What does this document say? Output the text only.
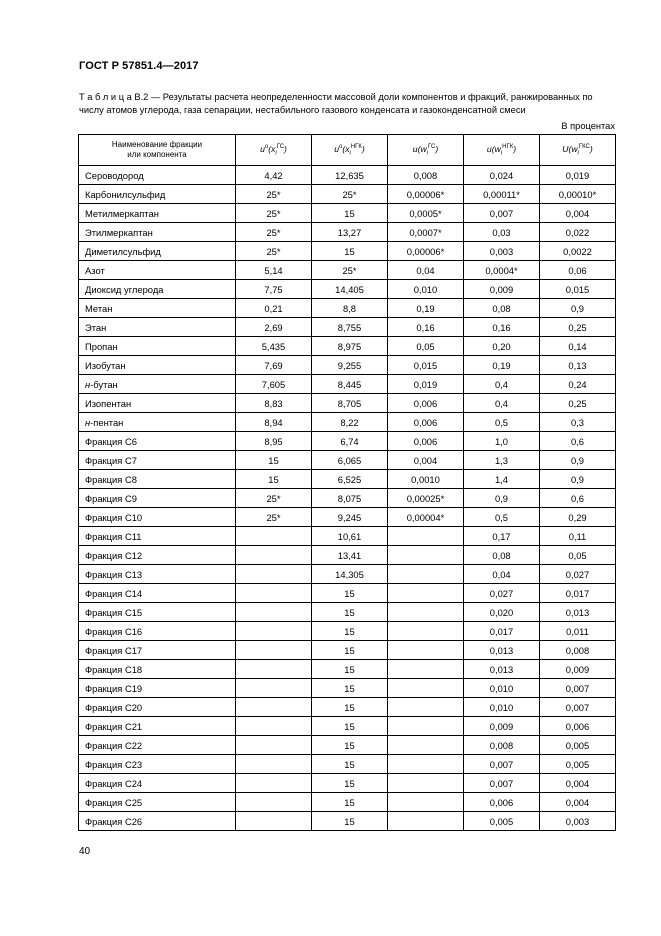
ГОСТ Р 57851.4—2017
Т а б л и ц а В.2 — Результаты расчета неопределенности массовой доли компонентов и фракций, ранжированных по числу атомов углерода, газа сепарации, нестабильного газового конденсата и газоконденсатной смеси
В процентах
Наименование фракции
или компонента	$u^o(x_i^{ГС})$	$u^o(x_i^{НГК})$	$u(w_i^{ГС})$	$u(w_i^{НГК})$	$U(w_i^{ГКС})$
Сероводород	4,42	12,635	0,008	0,024	0,019
Карбонилсульфид	25*	25*	0,00006*	0,00011*	0,00010*
Метилмеркаптан	25*	15	0,0005*	0,007	0,004
Этилмеркаптан	25*	13,27	0,0007*	0,03	0,022
Диметилсульфид	25*	15	0,00006*	0,003	0,0022
Азот	5,14	25*	0,04	0,0004*	0,06
Диоксид углерода	7,75	14,405	0,010	0,009	0,015
Метан	0,21	8,8	0,19	0,08	0,9
Этан	2,69	8,755	0,16	0,16	0,25
Пропан	5,435	8,975	0,05	0,20	0,14
Изобутан	7,69	9,255	0,015	0,19	0,13
н-бутан	7,605	8,445	0,019	0,4	0,24
Изопентан	8,83	8,705	0,006	0,4	0,25
н-пентан	8,94	8,22	0,006	0,5	0,3
Фракция С6	8,95	6,74	0,006	1,0	0,6
Фракция С7	15	6,065	0,004	1,3	0,9
Фракция С8	15	6,525	0,0010	1,4	0,9
Фракция С9	25*	8,075	0,00025*	0,9	0,6
Фракция С10	25*	9,245	0,00004*	0,5	0,29
Фракция С11		10,61		0,17	0,11
Фракция С12		13,41		0,08	0,05
Фракция С13		14,305		0,04	0,027
Фракция С14		15		0,027	0,017
Фракция С15		15		0,020	0,013
Фракция С16		15		0,017	0,011
Фракция С17		15		0,013	0,008
Фракция С18		15		0,013	0,009
Фракция С19		15		0,010	0,007
Фракция С20		15		0,010	0,007
Фракция С21		15		0,009	0,006
Фракция С22		15		0,008	0,005
Фракция С23		15		0,007	0,005
Фракция С24		15		0,007	0,004
Фракция С25		15		0,006	0,004
Фракция С26		15		0,005	0,003
40
